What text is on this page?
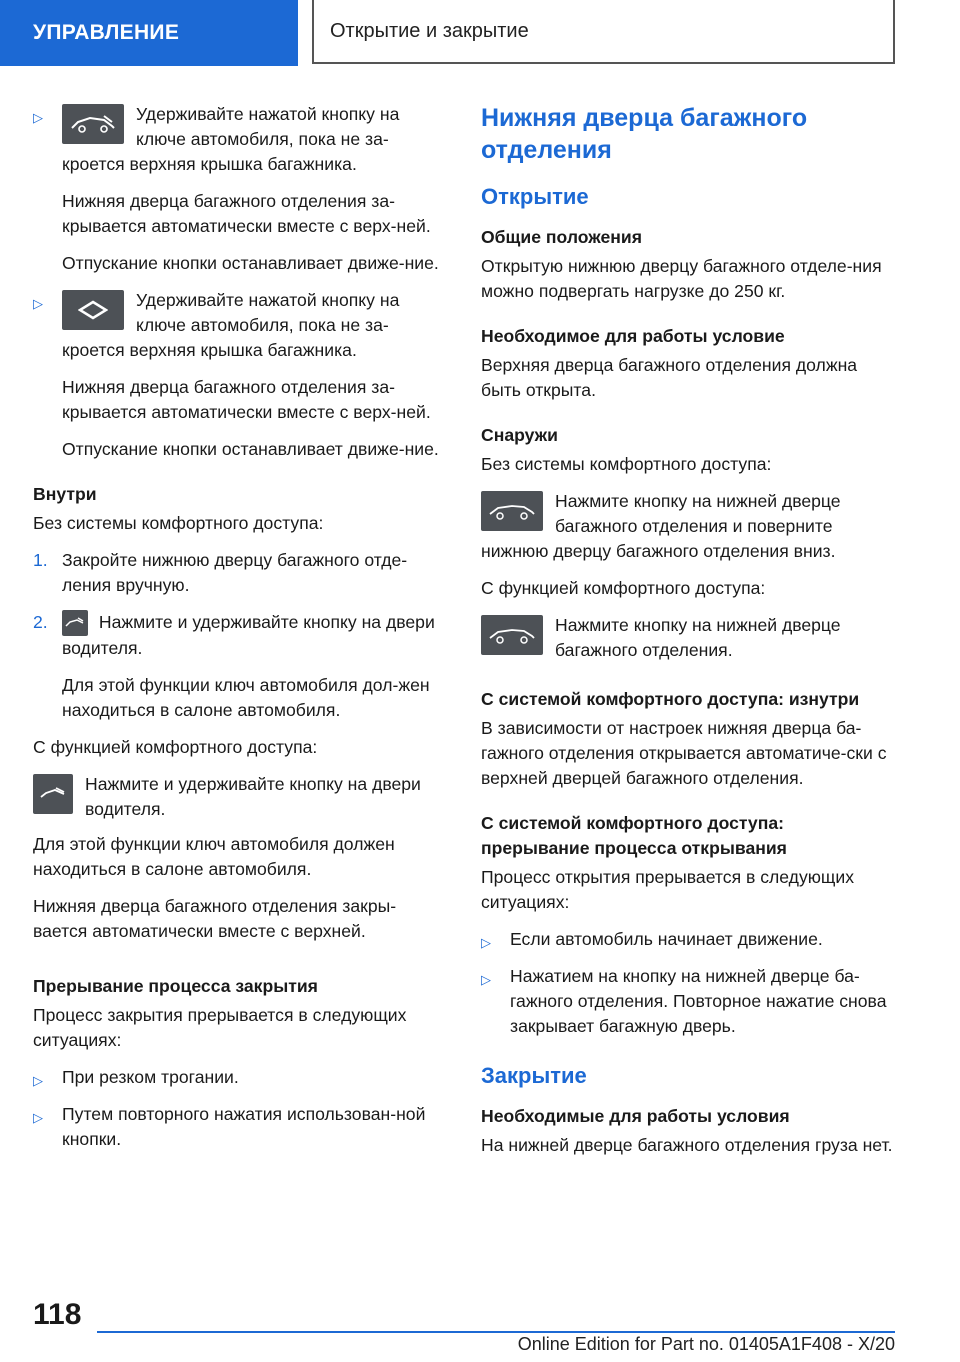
УПРАВЛЕНИЕ	Открытие и закрытие
▷	Удерживайте нажатой кнопку на ключе автомобиля, пока не за-кроется верхняя крышка багажника.

Нижняя дверца багажного отделения за-крывается автоматически вместе с верх-ней.

Отпускание кнопки останавливает движе-ние.

▷	Удерживайте нажатой кнопку на ключе автомобиля, пока не за-кроется верхняя крышка багажника.

Нижняя дверца багажного отделения за-крывается автоматически вместе с верх-ней.

Отпускание кнопки останавливает движе-ние.

Внутри

Без системы комфортного доступа:

1. Закройте нижнюю дверцу багажного отде-ления вручную.
2.	Нажмите и удерживайте кнопку на двери водителя.

Для этой функции ключ автомобиля дол-жен находиться в салоне автомобиля.

С функцией комфортного доступа:

Нажмите и удерживайте кнопку на двери водителя.

Для этой функции ключ автомобиля должен находиться в салоне автомобиля.

Нижняя дверца багажного отделения закры-вается автоматически вместе с верхней.

Прерывание процесса закрытия

Процесс закрытия прерывается в следующих ситуациях:

▷ При резком трогании.
▷ Путем повторного нажатия использован-ной кнопки.
Нижняя дверца багажного отделения
Открытие
Общие положения

Открытую нижнюю дверцу багажного отделе-ния можно подвергать нагрузке до 250 кг.

Необходимое для работы условие

Верхняя дверца багажного отделения должна быть открыта.

Снаружи

Без системы комфортного доступа:

Нажмите кнопку на нижней дверце багажного отделения и поверните нижнюю дверцу багажного отделения вниз.

С функцией комфортного доступа:

Нажмите кнопку на нижней дверце багажного отделения.
С системой комфортного доступа: изнутри

В зависимости от настроек нижняя дверца ба-гажного отделения открывается автоматиче-ски с верхней дверцей багажного отделения.

С системой комфортного доступа: прерывание процесса открывания

Процесс открытия прерывается в следующих ситуациях:

▷ Если автомобиль начинает движение.
▷ Нажатием на кнопку на нижней дверце ба-гажного отделения. Повторное нажатие снова закрывает багажную дверь.
Закрытие
Необходимые для работы условия

На нижней дверце багажного отделения груза нет.

118
Online Edition for Part no. 01405A1F408 - X/20
